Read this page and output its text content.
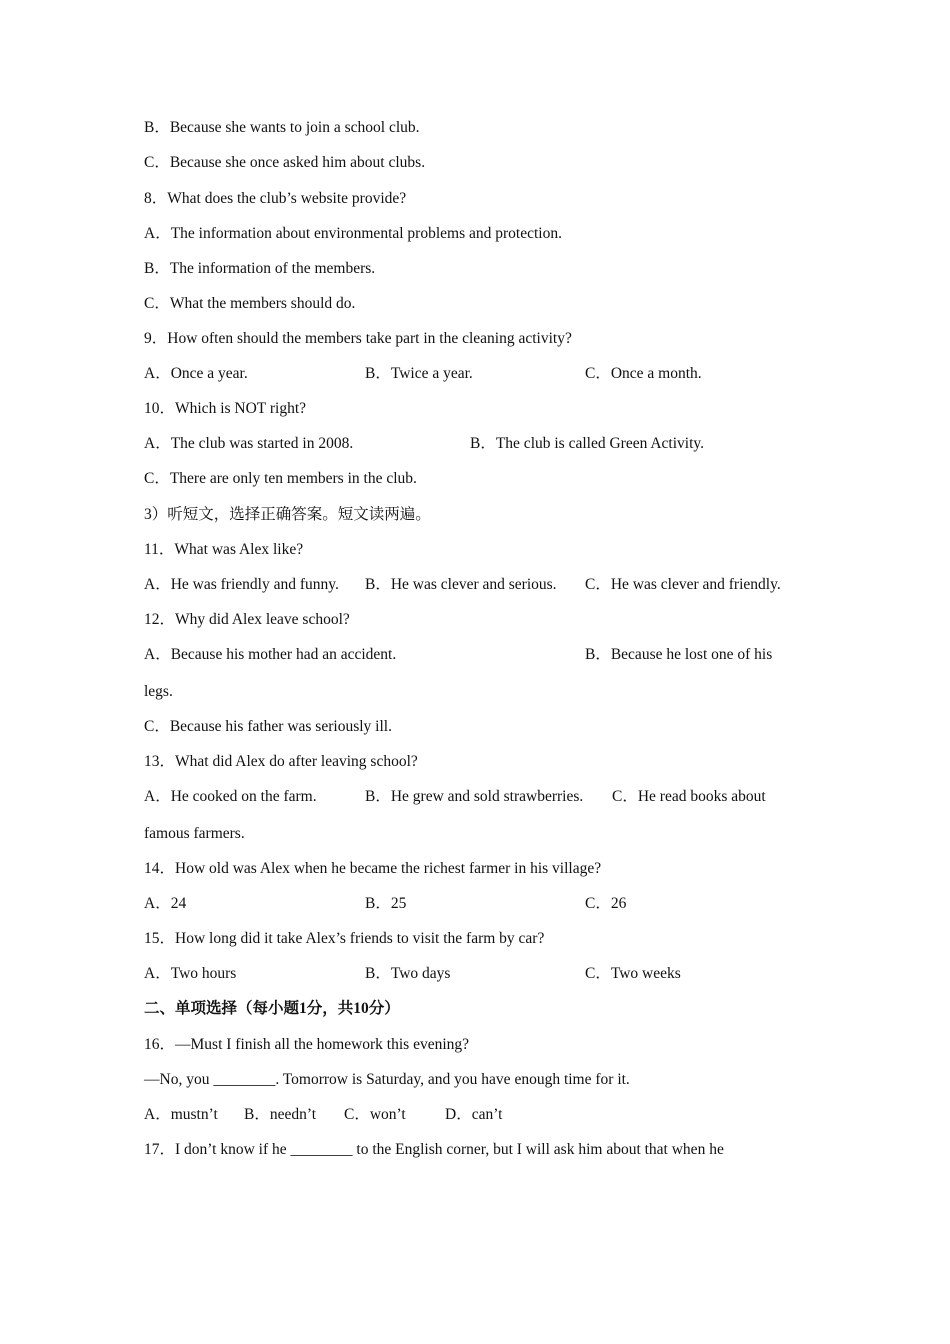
B．Because she wants to join a school club.
C．Because she once asked him about clubs.
8．What does the club’s website provide?
A．The information about environmental problems and protection.
B．The information of the members.
C．What the members should do.
9．How often should the members take part in the cleaning activity?
10．Which is NOT right?
C．There are only ten members in the club.
3）听短文，选择正确答案。短文读两遍。
11．What was Alex like?
12．Why did Alex leave school?
legs.
C．Because his father was seriously ill.
13．What did Alex do after leaving school?
famous farmers.
14．How old was Alex when he became the richest farmer in his village?
15．How long did it take Alex’s friends to visit the farm by car?
16．—Must I finish all the homework this evening?
—No, you ________. Tomorrow is Saturday, and you have enough time for it.
17．I don’t know if he ________ to the English corner, but I will ask him about that when he
二、单项选择（每小题1分，共10分）
A．Once a year.	B．Twice a year.	C．Once a month.
A．The club was started in 2008.	B．The club is called Green Activity.
A．He was friendly and funny. B．He was clever and serious. C．He was clever and friendly.
A．Because his mother had an accident.	B．Because he lost one of his
A．He cooked on the farm.	B．He grew and sold strawberries. C．He read books about
A．24	B．25	C．26
A．Two hours	B．Two days	C．Two weeks
A．mustn’t B．needn’t C．won’t	D．can’t
